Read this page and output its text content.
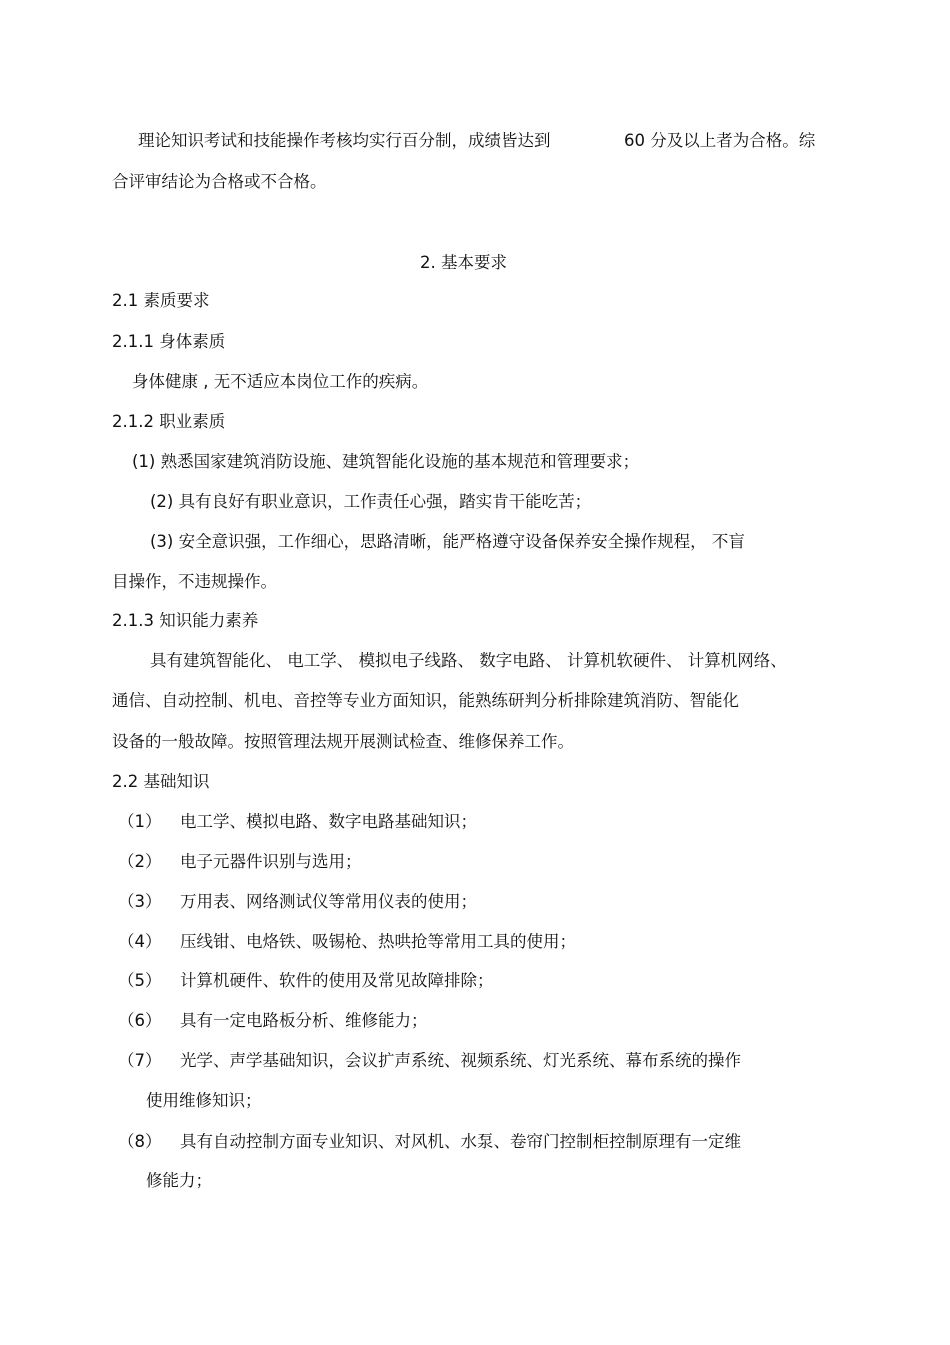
理论知识考试和技能操作考核均实行百分制，成绩皆达到	60 分及以上者为合格。综
合评审结论为合格或不合格。
2. 基本要求
2.1 素质要求
2.1.1 身体素质
身体健康 , 无不适应本岗位工作的疾病。
2.1.2 职业素质
(1) 熟悉国家建筑消防设施、建筑智能化设施的基本规范和管理要求；
(2) 具有良好有职业意识，工作责任心强，踏实肯干能吃苦；
(3) 安全意识强，工作细心，思路清晰，能严格遵守设备保养安全操作规程， 不盲
目操作，不违规操作。
2.1.3 知识能力素养
具有建筑智能化、 电工学、 模拟电子线路、 数字电路、 计算机软硬件、 计算机网络、
通信、自动控制、机电、音控等专业方面知识，能熟练研判分析排除建筑消防、智能化
设备的一般故障。按照管理法规开展测试检查、维修保养工作。
2.2 基础知识
（1） 电工学、模拟电路、数字电路基础知识；
（2） 电子元器件识别与选用；
（3） 万用表、网络测试仪等常用仪表的使用；
（4） 压线钳、电烙铁、吸锡枪、热哄抢等常用工具的使用；
（5） 计算机硬件、软件的使用及常见故障排除；
（6） 具有一定电路板分析、维修能力；
（7） 光学、声学基础知识，会议扩声系统、视频系统、灯光系统、幕布系统的操作
使用维修知识；
（8） 具有自动控制方面专业知识、对风机、水泵、卷帘门控制柜控制原理有一定维
修能力；
